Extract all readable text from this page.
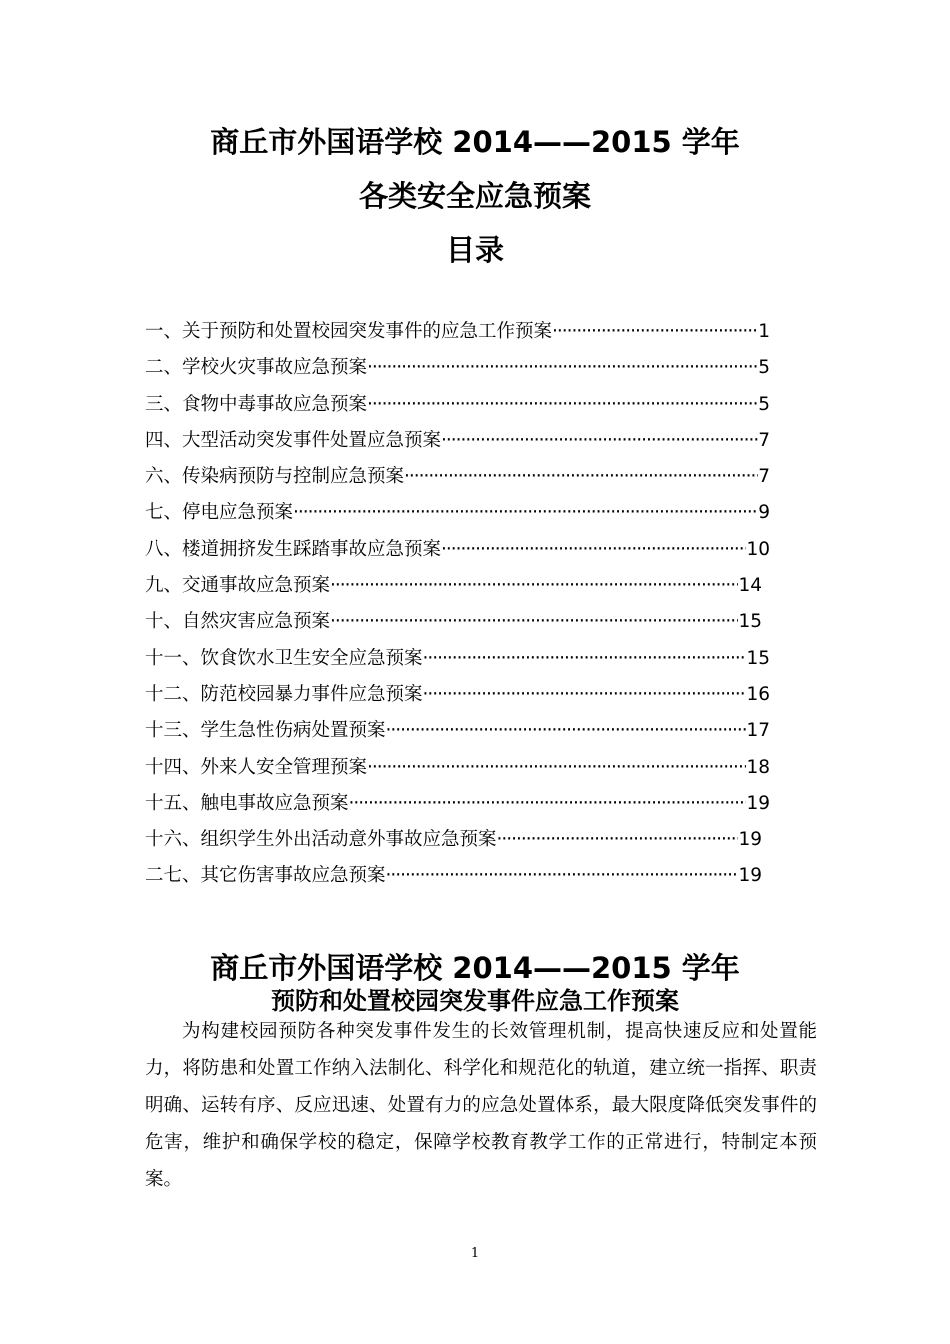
商丘市外国语学校 2014——2015 学年
各类安全应急预案
目录
一、关于预防和处置校园突发事件的应急工作预案 ·····	1
二、学校火灾事故应急预案 ·····	5
三、食物中毒事故应急预案 ·····	5
四、大型活动突发事件处置应急预案 ·····	7
六、传染病预防与控制应急预案 ·····	7
七、停电应急预案 ·····	9
八、楼道拥挤发生踩踏事故应急预案 ·····	10
九、交通事故应急预案 ·····	14
十、自然灾害应急预案 ·····	15
十一、饮食饮水卫生安全应急预案 ·····	15
十二、防范校园暴力事件应急预案 ·····	16
十三、学生急性伤病处置预案 ·····	17
十四、外来人安全管理预案 ·····	18
十五、触电事故应急预案 ·····	19
十六、组织学生外出活动意外事故应急预案 ·····	19
二七、其它伤害事故应急预案 ·····	19
商丘市外国语学校 2014——2015 学年
预防和处置校园突发事件应急工作预案

为构建校园预防各种突发事件发生的长效管理机制，提高快速反应和处置能力，将防患和处置工作纳入法制化、科学化和规范化的轨道，建立统一指挥、职责明确、运转有序、反应迅速、处置有力的应急处置体系，最大限度降低突发事件的危害，维护和确保学校的稳定，保障学校教育教学工作的正常进行，特制定本预案。

1
